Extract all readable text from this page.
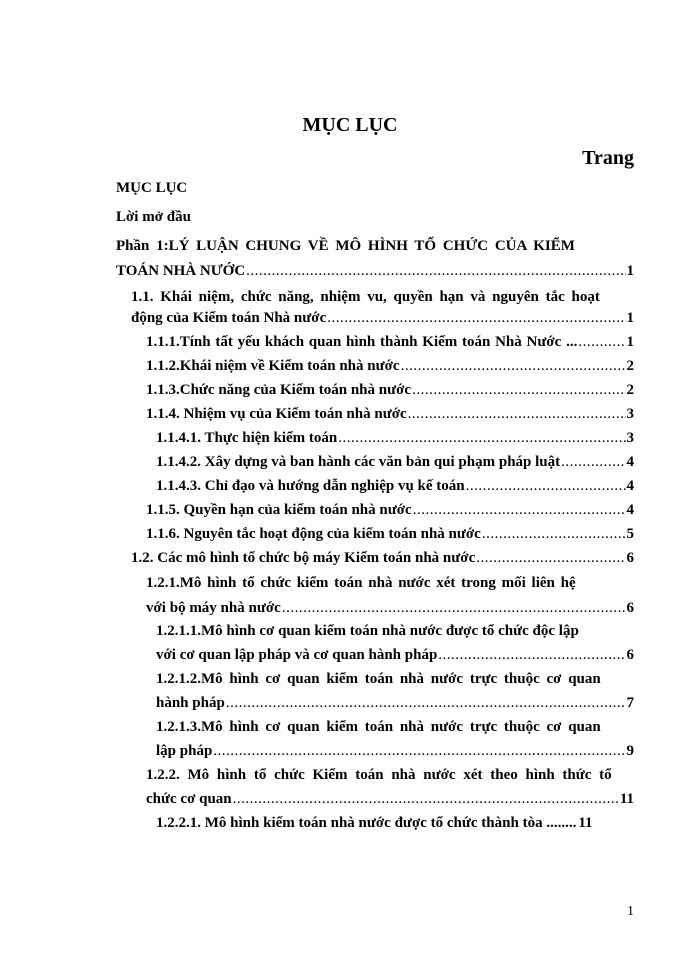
MỤC LỤC
Trang
MỤC LỤC
Lời mở đầu
Phần 1:LÝ LUẬN CHUNG VỀ MÔ HÌNH TỔ CHỨC CỦA KIỂM
TOÁN NHÀ NƯỚC .....	1
1.1. Khái niệm, chức năng, nhiệm vu, quyền hạn và nguyên tắc hoạt
động của Kiểm toán Nhà nước .....	1
1.1.1.Tính tất yếu khách quan hình thành Kiểm toán Nhà Nước ... .....	1
1.1.2.Khái niệm về Kiểm toán nhà nước .....	2
1.1.3.Chức năng của Kiểm toán nhà nước .....	2
1.1.4. Nhiệm vụ của Kiểm toán nhà nước .....	3
1.1.4.1. Thực hiện kiểm toán .....	3
1.1.4.2. Xây dựng và ban hành các văn bản qui phạm pháp luật .....	4
1.1.4.3. Chỉ đạo và hướng dẫn nghiệp vụ kế toán .....	4
1.1.5. Quyền hạn của kiểm toán nhà nước .....	4
1.1.6. Nguyên tắc hoạt động của kiểm toán nhà nước .....	5
1.2. Các mô hình tổ chức bộ máy Kiểm toán nhà nước .....	6
1.2.1.Mô hình tổ chức kiểm toán nhà nước xét trong mối liên hệ
với bộ máy nhà nước .....	6
1.2.1.1.Mô hình cơ quan kiểm toán nhà nước được tổ chức độc lập
với cơ quan lập pháp và cơ quan hành pháp .....	6
1.2.1.2.Mô hình cơ quan kiểm toán nhà nước trực thuộc cơ quan
hành pháp .....	7
1.2.1.3.Mô hình cơ quan kiểm toán nhà nước trực thuộc cơ quan
lập pháp .....	9
1.2.2. Mô hình tổ chức Kiểm toán nhà nước xét theo hình thức tổ
chức cơ quan .....	11
1.2.2.1. Mô hình kiểm toán nhà nước được tổ chức thành tòa ........ 11
1
